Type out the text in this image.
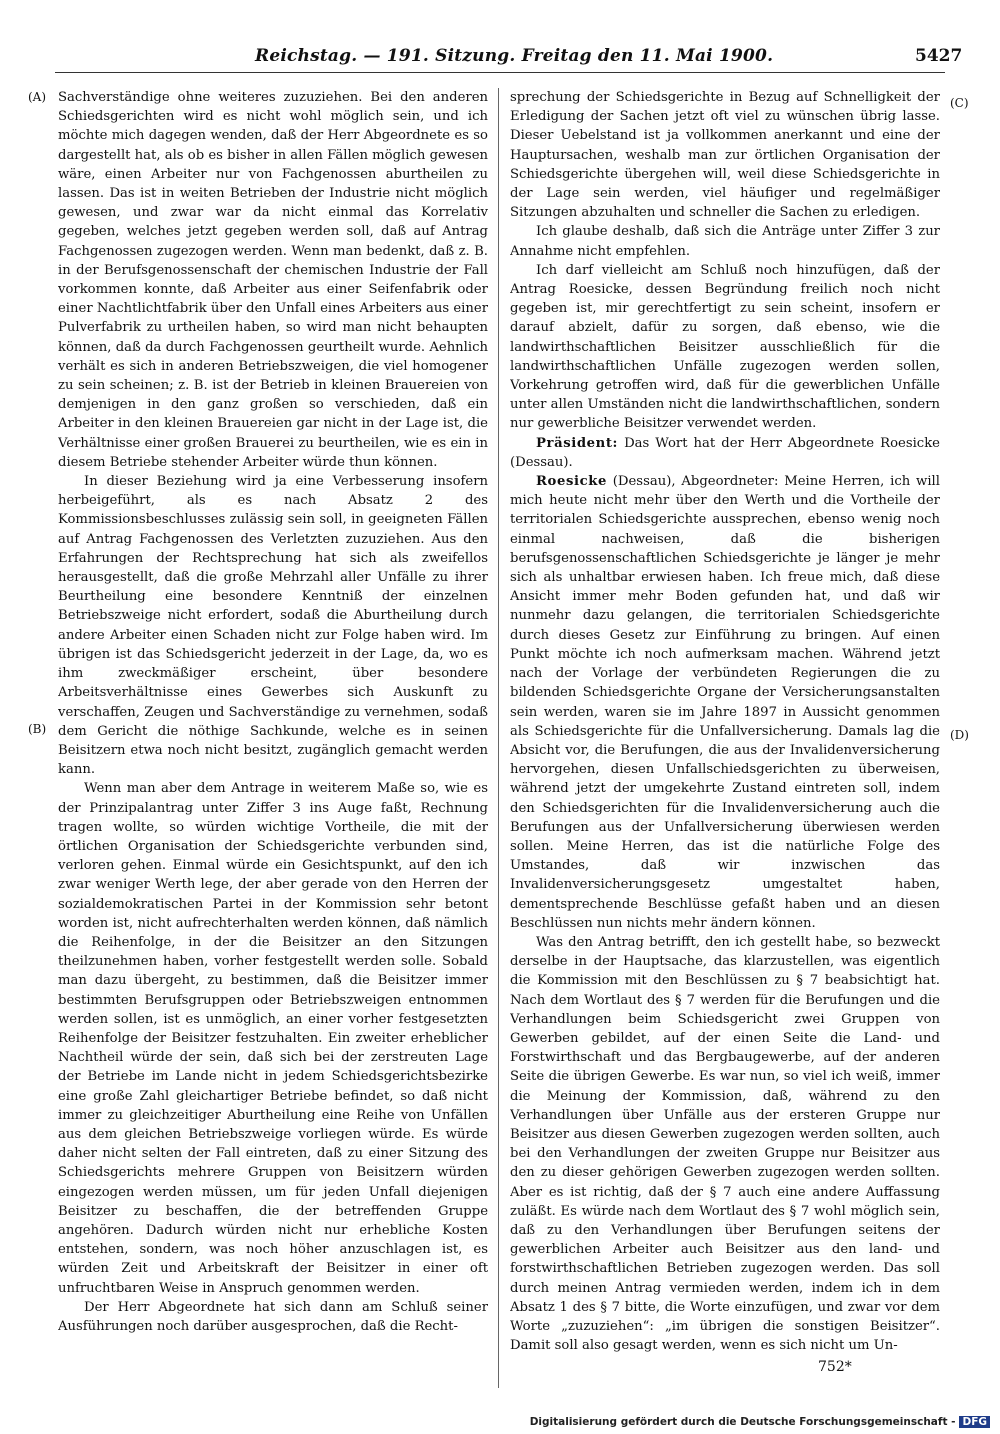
Reichstag. — 191. Sitzung. Freitag den 11. Mai 1900.	5427
(A)
(B)
(C)
(D)

Sachverständige ohne weiteres zuzuziehen. Bei den anderen Schiedsgerichten wird es nicht wohl möglich sein, und ich möchte mich dagegen wenden, daß der Herr Abgeordnete es so dargestellt hat, als ob es bisher in allen Fällen möglich gewesen wäre, einen Arbeiter nur von Fachgenossen aburtheilen zu lassen. Das ist in weiten Betrieben der Industrie nicht möglich gewesen, und zwar war da nicht einmal das Korrelativ gegeben, welches jetzt gegeben werden soll, daß auf Antrag Fachgenossen zugezogen werden. Wenn man bedenkt, daß z. B. in der Berufsgenossenschaft der chemischen Industrie der Fall vorkommen konnte, daß Arbeiter aus einer Seifenfabrik oder einer Nachtlichtfabrik über den Unfall eines Arbeiters aus einer Pulverfabrik zu urtheilen haben, so wird man nicht behaupten können, daß da durch Fachgenossen geurtheilt wurde. Aehnlich verhält es sich in anderen Betriebszweigen, die viel homogener zu sein scheinen; z. B. ist der Betrieb in kleinen Brauereien von demjenigen in den ganz großen so verschieden, daß ein Arbeiter in den kleinen Brauereien gar nicht in der Lage ist, die Verhältnisse einer großen Brauerei zu beurtheilen, wie es ein in diesem Betriebe stehender Arbeiter würde thun können.

In dieser Beziehung wird ja eine Verbesserung insofern herbeigeführt, als es nach Absatz 2 des Kommissionsbeschlusses zulässig sein soll, in geeigneten Fällen auf Antrag Fachgenossen des Verletzten zuzuziehen. Aus den Erfahrungen der Rechtsprechung hat sich als zweifellos herausgestellt, daß die große Mehrzahl aller Unfälle zu ihrer Beurtheilung eine besondere Kenntniß der einzelnen Betriebszweige nicht erfordert, sodaß die Aburtheilung durch andere Arbeiter einen Schaden nicht zur Folge haben wird. Im übrigen ist das Schiedsgericht jederzeit in der Lage, da, wo es ihm zweckmäßiger erscheint, über besondere Arbeitsverhältnisse eines Gewerbes sich Auskunft zu verschaffen, Zeugen und Sachverständige zu vernehmen, sodaß dem Gericht die nöthige Sachkunde, welche es in seinen Beisitzern etwa noch nicht besitzt, zugänglich gemacht werden kann.

Wenn man aber dem Antrage in weiterem Maße so, wie es der Prinzipalantrag unter Ziffer 3 ins Auge faßt, Rechnung tragen wollte, so würden wichtige Vortheile, die mit der örtlichen Organisation der Schiedsgerichte verbunden sind, verloren gehen. Einmal würde ein Gesichtspunkt, auf den ich zwar weniger Werth lege, der aber gerade von den Herren der sozialdemokratischen Partei in der Kommission sehr betont worden ist, nicht aufrechterhalten werden können, daß nämlich die Reihenfolge, in der die Beisitzer an den Sitzungen theilzunehmen haben, vorher festgestellt werden solle. Sobald man dazu übergeht, zu bestimmen, daß die Beisitzer immer bestimmten Berufsgruppen oder Betriebszweigen entnommen werden sollen, ist es unmöglich, an einer vorher festgesetzten Reihenfolge der Beisitzer festzuhalten. Ein zweiter erheblicher Nachtheil würde der sein, daß sich bei der zerstreuten Lage der Betriebe im Lande nicht in jedem Schiedsgerichtsbezirke eine große Zahl gleichartiger Betriebe befindet, so daß nicht immer zu gleichzeitiger Aburtheilung eine Reihe von Unfällen aus dem gleichen Betriebszweige vorliegen würde. Es würde daher nicht selten der Fall eintreten, daß zu einer Sitzung des Schiedsgerichts mehrere Gruppen von Beisitzern würden eingezogen werden müssen, um für jeden Unfall diejenigen Beisitzer zu beschaffen, die der betreffenden Gruppe angehören. Dadurch würden nicht nur erhebliche Kosten entstehen, sondern, was noch höher anzuschlagen ist, es würden Zeit und Arbeitskraft der Beisitzer in einer oft unfruchtbaren Weise in Anspruch genommen werden.

Der Herr Abgeordnete hat sich dann am Schluß seiner Ausführungen noch darüber ausgesprochen, daß die Recht-

sprechung der Schiedsgerichte in Bezug auf Schnelligkeit der Erledigung der Sachen jetzt oft viel zu wünschen übrig lasse. Dieser Uebelstand ist ja vollkommen anerkannt und eine der Hauptursachen, weshalb man zur örtlichen Organisation der Schiedsgerichte übergehen will, weil diese Schiedsgerichte in der Lage sein werden, viel häufiger und regelmäßiger Sitzungen abzuhalten und schneller die Sachen zu erledigen.

Ich glaube deshalb, daß sich die Anträge unter Ziffer 3 zur Annahme nicht empfehlen.

Ich darf vielleicht am Schluß noch hinzufügen, daß der Antrag Roesicke, dessen Begründung freilich noch nicht gegeben ist, mir gerechtfertigt zu sein scheint, insofern er darauf abzielt, dafür zu sorgen, daß ebenso, wie die landwirthschaftlichen Beisitzer ausschließlich für die landwirthschaftlichen Unfälle zugezogen werden sollen, Vorkehrung getroffen wird, daß für die gewerblichen Unfälle unter allen Umständen nicht die landwirthschaftlichen, sondern nur gewerbliche Beisitzer verwendet werden.

Präsident: Das Wort hat der Herr Abgeordnete Roesicke (Dessau).

Roesicke (Dessau), Abgeordneter: Meine Herren, ich will mich heute nicht mehr über den Werth und die Vortheile der territorialen Schiedsgerichte aussprechen, ebenso wenig noch einmal nachweisen, daß die bisherigen berufsgenossenschaftlichen Schiedsgerichte je länger je mehr sich als unhaltbar erwiesen haben. Ich freue mich, daß diese Ansicht immer mehr Boden gefunden hat, und daß wir nunmehr dazu gelangen, die territorialen Schiedsgerichte durch dieses Gesetz zur Einführung zu bringen. Auf einen Punkt möchte ich noch aufmerksam machen. Während jetzt nach der Vorlage der verbündeten Regierungen die zu bildenden Schiedsgerichte Organe der Versicherungsanstalten sein werden, waren sie im Jahre 1897 in Aussicht genommen als Schiedsgerichte für die Unfallversicherung. Damals lag die Absicht vor, die Berufungen, die aus der Invalidenversicherung hervorgehen, diesen Unfallschiedsgerichten zu überweisen, während jetzt der umgekehrte Zustand eintreten soll, indem den Schiedsgerichten für die Invalidenversicherung auch die Berufungen aus der Unfallversicherung überwiesen werden sollen. Meine Herren, das ist die natürliche Folge des Umstandes, daß wir inzwischen das Invalidenversicherungsgesetz umgestaltet haben, dementsprechende Beschlüsse gefaßt haben und an diesen Beschlüssen nun nichts mehr ändern können.

Was den Antrag betrifft, den ich gestellt habe, so bezweckt derselbe in der Hauptsache, das klarzustellen, was eigentlich die Kommission mit den Beschlüssen zu § 7 beabsichtigt hat. Nach dem Wortlaut des § 7 werden für die Berufungen und die Verhandlungen beim Schiedsgericht zwei Gruppen von Gewerben gebildet, auf der einen Seite die Land- und Forstwirthschaft und das Bergbaugewerbe, auf der anderen Seite die übrigen Gewerbe. Es war nun, so viel ich weiß, immer die Meinung der Kommission, daß, während zu den Verhandlungen über Unfälle aus der ersteren Gruppe nur Beisitzer aus diesen Gewerben zugezogen werden sollten, auch bei den Verhandlungen der zweiten Gruppe nur Beisitzer aus den zu dieser gehörigen Gewerben zugezogen werden sollten. Aber es ist richtig, daß der § 7 auch eine andere Auffassung zuläßt. Es würde nach dem Wortlaut des § 7 wohl möglich sein, daß zu den Verhandlungen über Berufungen seitens der gewerblichen Arbeiter auch Beisitzer aus den land- und forstwirthschaftlichen Betrieben zugezogen werden. Das soll durch meinen Antrag vermieden werden, indem ich in dem Absatz 1 des § 7 bitte, die Worte einzufügen, und zwar vor dem Worte „zuzuziehen“: „im übrigen die sonstigen Beisitzer“. Damit soll also gesagt werden, wenn es sich nicht um Un-

752*
Digitalisierung gefördert durch die Deutsche Forschungsgemeinschaft - DFG
